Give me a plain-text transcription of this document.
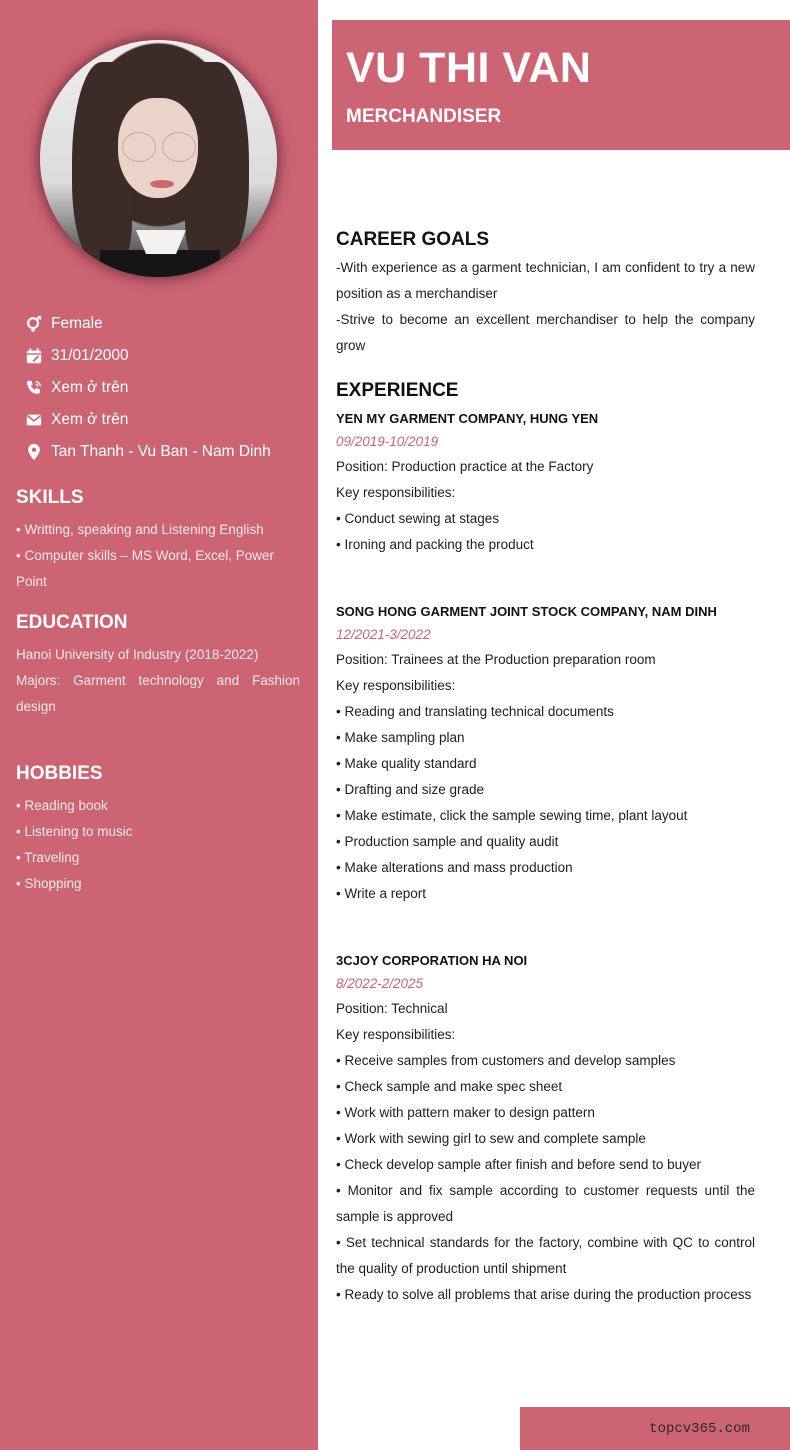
Female
31/01/2000
Xem ở trên
Xem ở trên
Tan Thanh - Vu Ban - Nam Dinh
SKILLS
• Writting, speaking and Listening English
• Computer skills – MS Word, Excel, Power Point
EDUCATION
Hanoi University of Industry (2018-2022)
Majors: Garment technology and Fashion design
HOBBIES
• Reading book
• Listening to music
• Traveling
• Shopping
VU THI VAN
MERCHANDISER
CAREER GOALS
-With experience as a garment technician, I am confident to try a new position as a merchandiser
-Strive to become an excellent merchandiser to help the company grow
EXPERIENCE
YEN MY GARMENT COMPANY, HUNG YEN
09/2019-10/2019
Position: Production practice at the Factory
Key responsibilities:
• Conduct sewing at stages
• Ironing and packing the product
SONG HONG GARMENT JOINT STOCK COMPANY, NAM DINH
12/2021-3/2022
Position: Trainees at the Production preparation room
Key responsibilities:
• Reading and translating technical documents
• Make sampling plan
• Make quality standard
• Drafting and size grade
• Make estimate, click the sample sewing time, plant layout
• Production sample and quality audit
• Make alterations and mass production
• Write a report
3CJOY CORPORATION HA NOI
8/2022-2/2025
Position: Technical
Key responsibilities:
• Receive samples from customers and develop samples
• Check sample and make spec sheet
• Work with pattern maker to design pattern
• Work with sewing girl to sew and complete sample
• Check develop sample after finish and before send to buyer
• Monitor and fix sample according to customer requests until the sample is approved
• Set technical standards for the factory, combine with QC to control the quality of production until shipment
• Ready to solve all problems that arise during the production process
topcv365.com
